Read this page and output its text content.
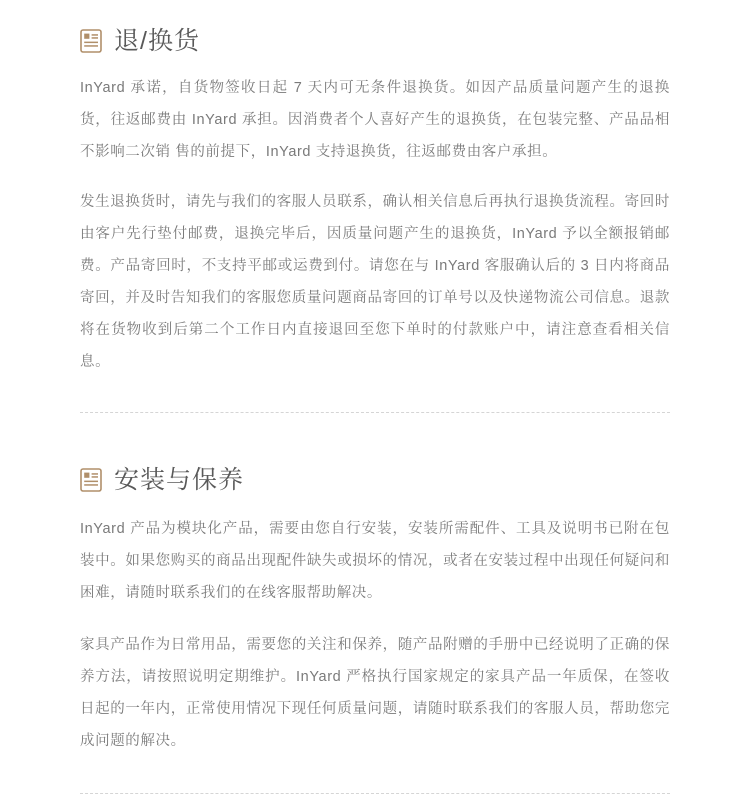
退/换货

InYard 承诺，自货物签收日起 7 天内可无条件退换货。如因产品质量问题产生的退换货，往返邮费由 InYard 承担。因消费者个人喜好产生的退换货，在包装完整、产品品相不影响二次销 售的前提下，InYard 支持退换货，往返邮费由客户承担。

发生退换货时，请先与我们的客服人员联系，确认相关信息后再执行退换货流程。寄回时由客户先行垫付邮费，退换完毕后，因质量问题产生的退换货，InYard 予以全额报销邮费。产品寄回时，不支持平邮或运费到付。请您在与 InYard 客服确认后的 3 日内将商品寄回，并及时告知我们的客服您质量问题商品寄回的订单号以及快递物流公司信息。退款将在货物收到后第二个工作日内直接退回至您下单时的付款账户中，请注意查看相关信息。

安装与保养

InYard 产品为模块化产品，需要由您自行安装，安装所需配件、工具及说明书已附在包装中。如果您购买的商品出现配件缺失或损坏的情况，或者在安装过程中出现任何疑问和困难，请随时联系我们的在线客服帮助解决。

家具产品作为日常用品，需要您的关注和保养，随产品附赠的手册中已经说明了正确的保养方法，请按照说明定期维护。InYard 严格执行国家规定的家具产品一年质保，在签收日起的一年内，正常使用情况下现任何质量问题，请随时联系我们的客服人员，帮助您完成问题的解决。
